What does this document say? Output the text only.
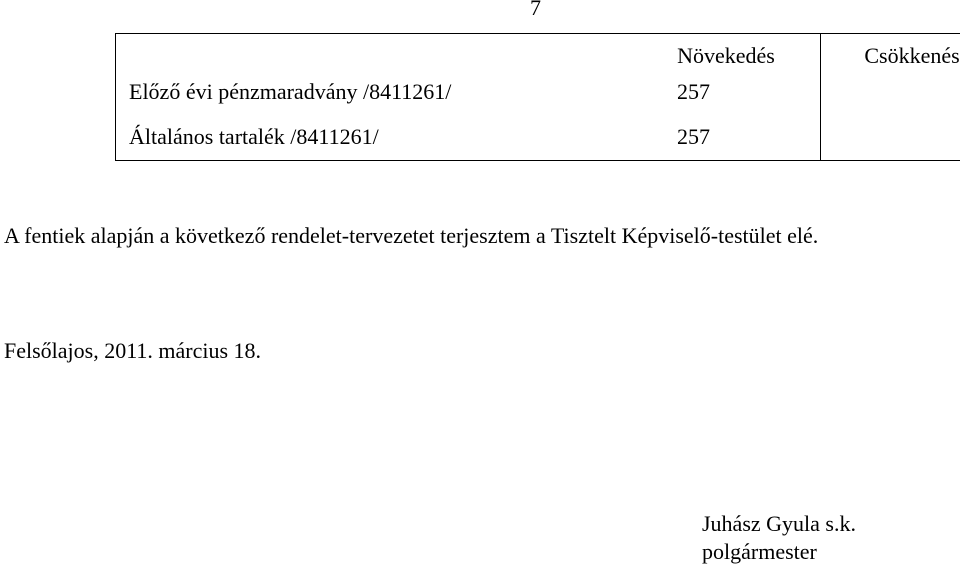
7
	Növekedés	Csökkenés
Előző évi pénzmaradvány /8411261/	257	
Általános tartalék /8411261/	257	
A fentiek alapján a következő rendelet-tervezetet terjesztem a Tisztelt Képviselő-testület elé.
Felsőlajos, 2011. március 18.
Juhász Gyula s.k.
polgármester
